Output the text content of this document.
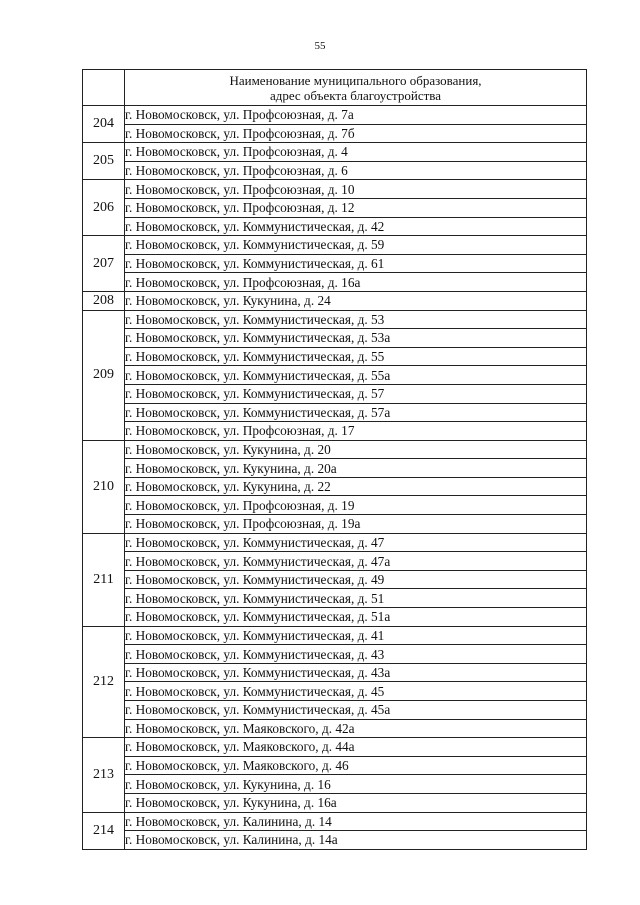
55

	Наименование муниципального образования,
адрес объекта благоустройства

204	г. Новомосковск, ул. Профсоюзная, д. 7а
	г. Новомосковск, ул. Профсоюзная, д. 7б
205	г. Новомосковск, ул. Профсоюзная, д. 4
	г. Новомосковск, ул. Профсоюзная, д. 6
206	г. Новомосковск, ул. Профсоюзная, д. 10
	г. Новомосковск, ул. Профсоюзная, д. 12
	г. Новомосковск, ул. Коммунистическая, д. 42
207	г. Новомосковск, ул. Коммунистическая, д. 59
	г. Новомосковск, ул. Коммунистическая, д. 61
	г. Новомосковск, ул. Профсоюзная, д. 16а
208	г. Новомосковск, ул. Кукунина, д. 24
209	г. Новомосковск, ул. Коммунистическая, д. 53
	г. Новомосковск, ул. Коммунистическая, д. 53а
	г. Новомосковск, ул. Коммунистическая, д. 55
	г. Новомосковск, ул. Коммунистическая, д. 55а
	г. Новомосковск, ул. Коммунистическая, д. 57
	г. Новомосковск, ул. Коммунистическая, д. 57а
	г. Новомосковск, ул. Профсоюзная, д. 17
210	г. Новомосковск, ул. Кукунина, д. 20
	г. Новомосковск, ул. Кукунина, д. 20а
	г. Новомосковск, ул. Кукунина, д. 22
	г. Новомосковск, ул. Профсоюзная, д. 19
	г. Новомосковск, ул. Профсоюзная, д. 19а
211	г. Новомосковск, ул. Коммунистическая, д. 47
	г. Новомосковск, ул. Коммунистическая, д. 47а
	г. Новомосковск, ул. Коммунистическая, д. 49
	г. Новомосковск, ул. Коммунистическая, д. 51
	г. Новомосковск, ул. Коммунистическая, д. 51а
212	г. Новомосковск, ул. Коммунистическая, д. 41
	г. Новомосковск, ул. Коммунистическая, д. 43
	г. Новомосковск, ул. Коммунистическая, д. 43а
	г. Новомосковск, ул. Коммунистическая, д. 45
	г. Новомосковск, ул. Коммунистическая, д. 45а
	г. Новомосковск, ул. Маяковского, д. 42а
213	г. Новомосковск, ул. Маяковского, д. 44а
	г. Новомосковск, ул. Маяковского, д. 46
	г. Новомосковск, ул. Кукунина, д. 16
	г. Новомосковск, ул. Кукунина, д. 16а
214	г. Новомосковск, ул. Калинина, д. 14
	г. Новомосковск, ул. Калинина, д. 14а
